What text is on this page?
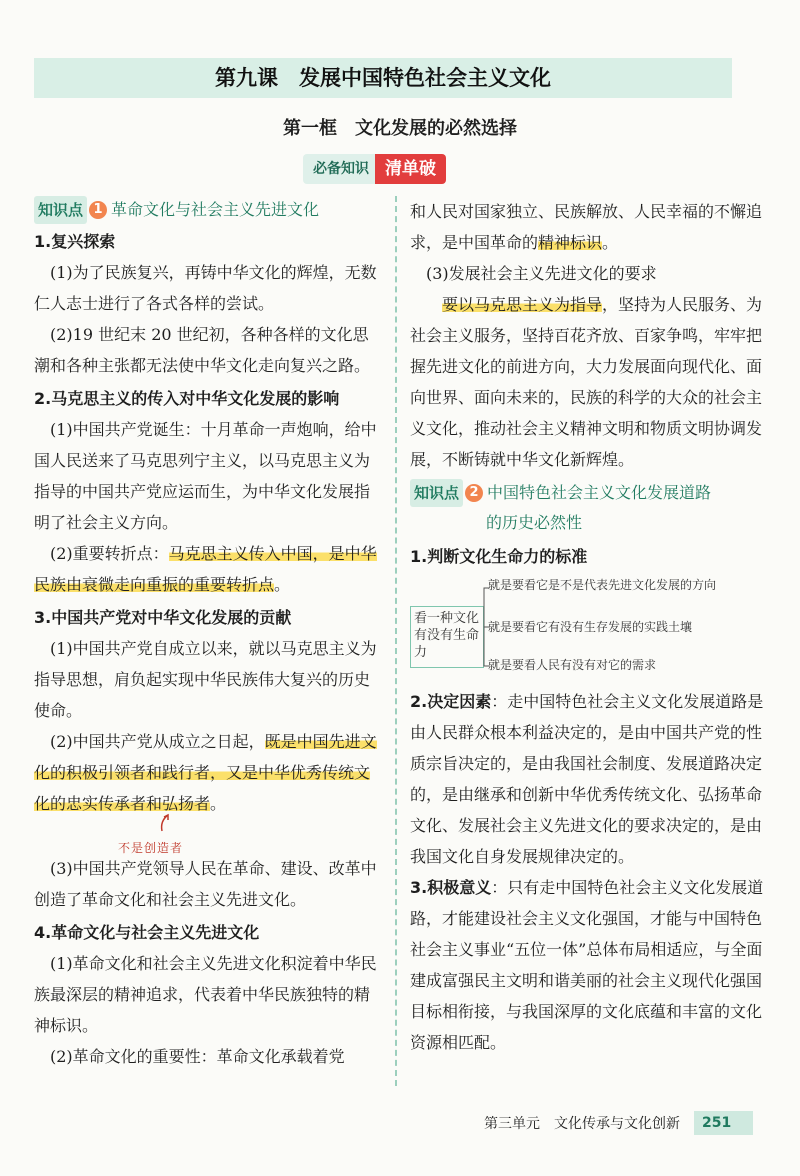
第九课　发展中国特色社会主义文化
第一框　文化发展的必然选择
必备知识 清单破
知识点 1 革命文化与社会主义先进文化
1.复兴探索

(1)为了民族复兴，再铸中华文化的辉煌，无数仁人志士进行了各式各样的尝试。

(2)19 世纪末 20 世纪初，各种各样的文化思潮和各种主张都无法使中华文化走向复兴之路。

2.马克思主义的传入对中华文化发展的影响

(1)中国共产党诞生：十月革命一声炮响，给中国人民送来了马克思列宁主义，以马克思主义为指导的中国共产党应运而生，为中华文化发展指明了社会主义方向。

(2)重要转折点：马克思主义传入中国，是中华民族由衰微走向重振的重要转折点。

3.中国共产党对中华文化发展的贡献

(1)中国共产党自成立以来，就以马克思主义为指导思想，肩负起实现中华民族伟大复兴的历史使命。

(2)中国共产党从成立之日起，既是中国先进文化的积极引领者和践行者，又是中华优秀传统文化的忠实传承者和弘扬者。

不是创造者

(3)中国共产党领导人民在革命、建设、改革中创造了革命文化和社会主义先进文化。

4.革命文化与社会主义先进文化

(1)革命文化和社会主义先进文化积淀着中华民族最深层的精神追求，代表着中华民族独特的精神标识。

(2)革命文化的重要性：革命文化承载着党

和人民对国家独立、民族解放、人民幸福的不懈追求，是中国革命的精神标识。

(3)发展社会主义先进文化的要求

要以马克思主义为指导，坚持为人民服务、为社会主义服务，坚持百花齐放、百家争鸣，牢牢把握先进文化的前进方向，大力发展面向现代化、面向世界、面向未来的，民族的科学的大众的社会主义文化，推动社会主义精神文明和物质文明协调发展，不断铸就中华文化新辉煌。

知识点 2 中国特色社会主义文化发展道路
的历史必然性
1.判断文化生命力的标准
看一种文化有没有生命力
就是要看它是不是代表先进文化发展的方向
就是要看它有没有生存发展的实践土壤
就是要看人民有没有对它的需求

2.决定因素：走中国特色社会主义文化发展道路是由人民群众根本利益决定的，是由中国共产党的性质宗旨决定的，是由我国社会制度、发展道路决定的，是由继承和创新中华优秀传统文化、弘扬革命文化、发展社会主义先进文化的要求决定的，是由我国文化自身发展规律决定的。

3.积极意义：只有走中国特色社会主义文化发展道路，才能建设社会主义文化强国，才能与中国特色社会主义事业“五位一体”总体布局相适应，与全面建成富强民主文明和谐美丽的社会主义现代化强国目标相衔接，与我国深厚的文化底蕴和丰富的文化资源相匹配。

第三单元 文化传承与文化创新	251
